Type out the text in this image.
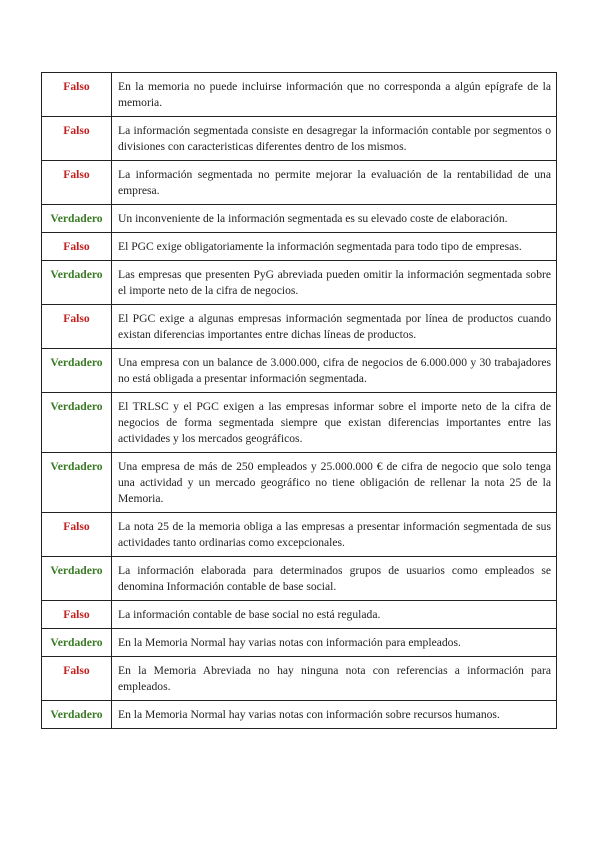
Falso	En la memoria no puede incluirse información que no corresponda a algún epígrafe de la memoria.
Falso	La información segmentada consiste en desagregar la información contable por segmentos o divisiones con caracteristicas diferentes dentro de los mismos.
Falso	La información segmentada no permite mejorar la evaluación de la rentabilidad de una empresa.
Verdadero	Un inconveniente de la información segmentada es su elevado coste de elaboración.
Falso	El PGC exige obligatoriamente la información segmentada para todo tipo de empresas.
Verdadero	Las empresas que presenten PyG abreviada pueden omitir la información segmentada sobre el importe neto de la cifra de negocios.
Falso	El PGC exige a algunas empresas información segmentada por línea de productos cuando existan diferencias importantes entre dichas líneas de productos.
Verdadero	Una empresa con un balance de 3.000.000, cifra de negocios de 6.000.000 y 30 trabajadores no está obligada a presentar información segmentada.
Verdadero	El TRLSC y el PGC exigen a las empresas informar sobre el importe neto de la cifra de negocios de forma segmentada siempre que existan diferencias importantes entre las actividades y los mercados geográficos.
Verdadero	Una empresa de más de 250 empleados y 25.000.000 € de cifra de negocio que solo tenga una actividad y un mercado geográfico no tiene obligación de rellenar la nota 25 de la Memoria.
Falso	La nota 25 de la memoria obliga a las empresas a presentar información segmentada de sus actividades tanto ordinarias como excepcionales.
Verdadero	La información elaborada para determinados grupos de usuarios como empleados se denomina Información contable de base social.
Falso	La información contable de base social no está regulada.
Verdadero	En la Memoria Normal hay varias notas con información para empleados.
Falso	En la Memoria Abreviada no hay ninguna nota con referencias a información para empleados.
Verdadero	En la Memoria Normal hay varias notas con información sobre recursos humanos.
